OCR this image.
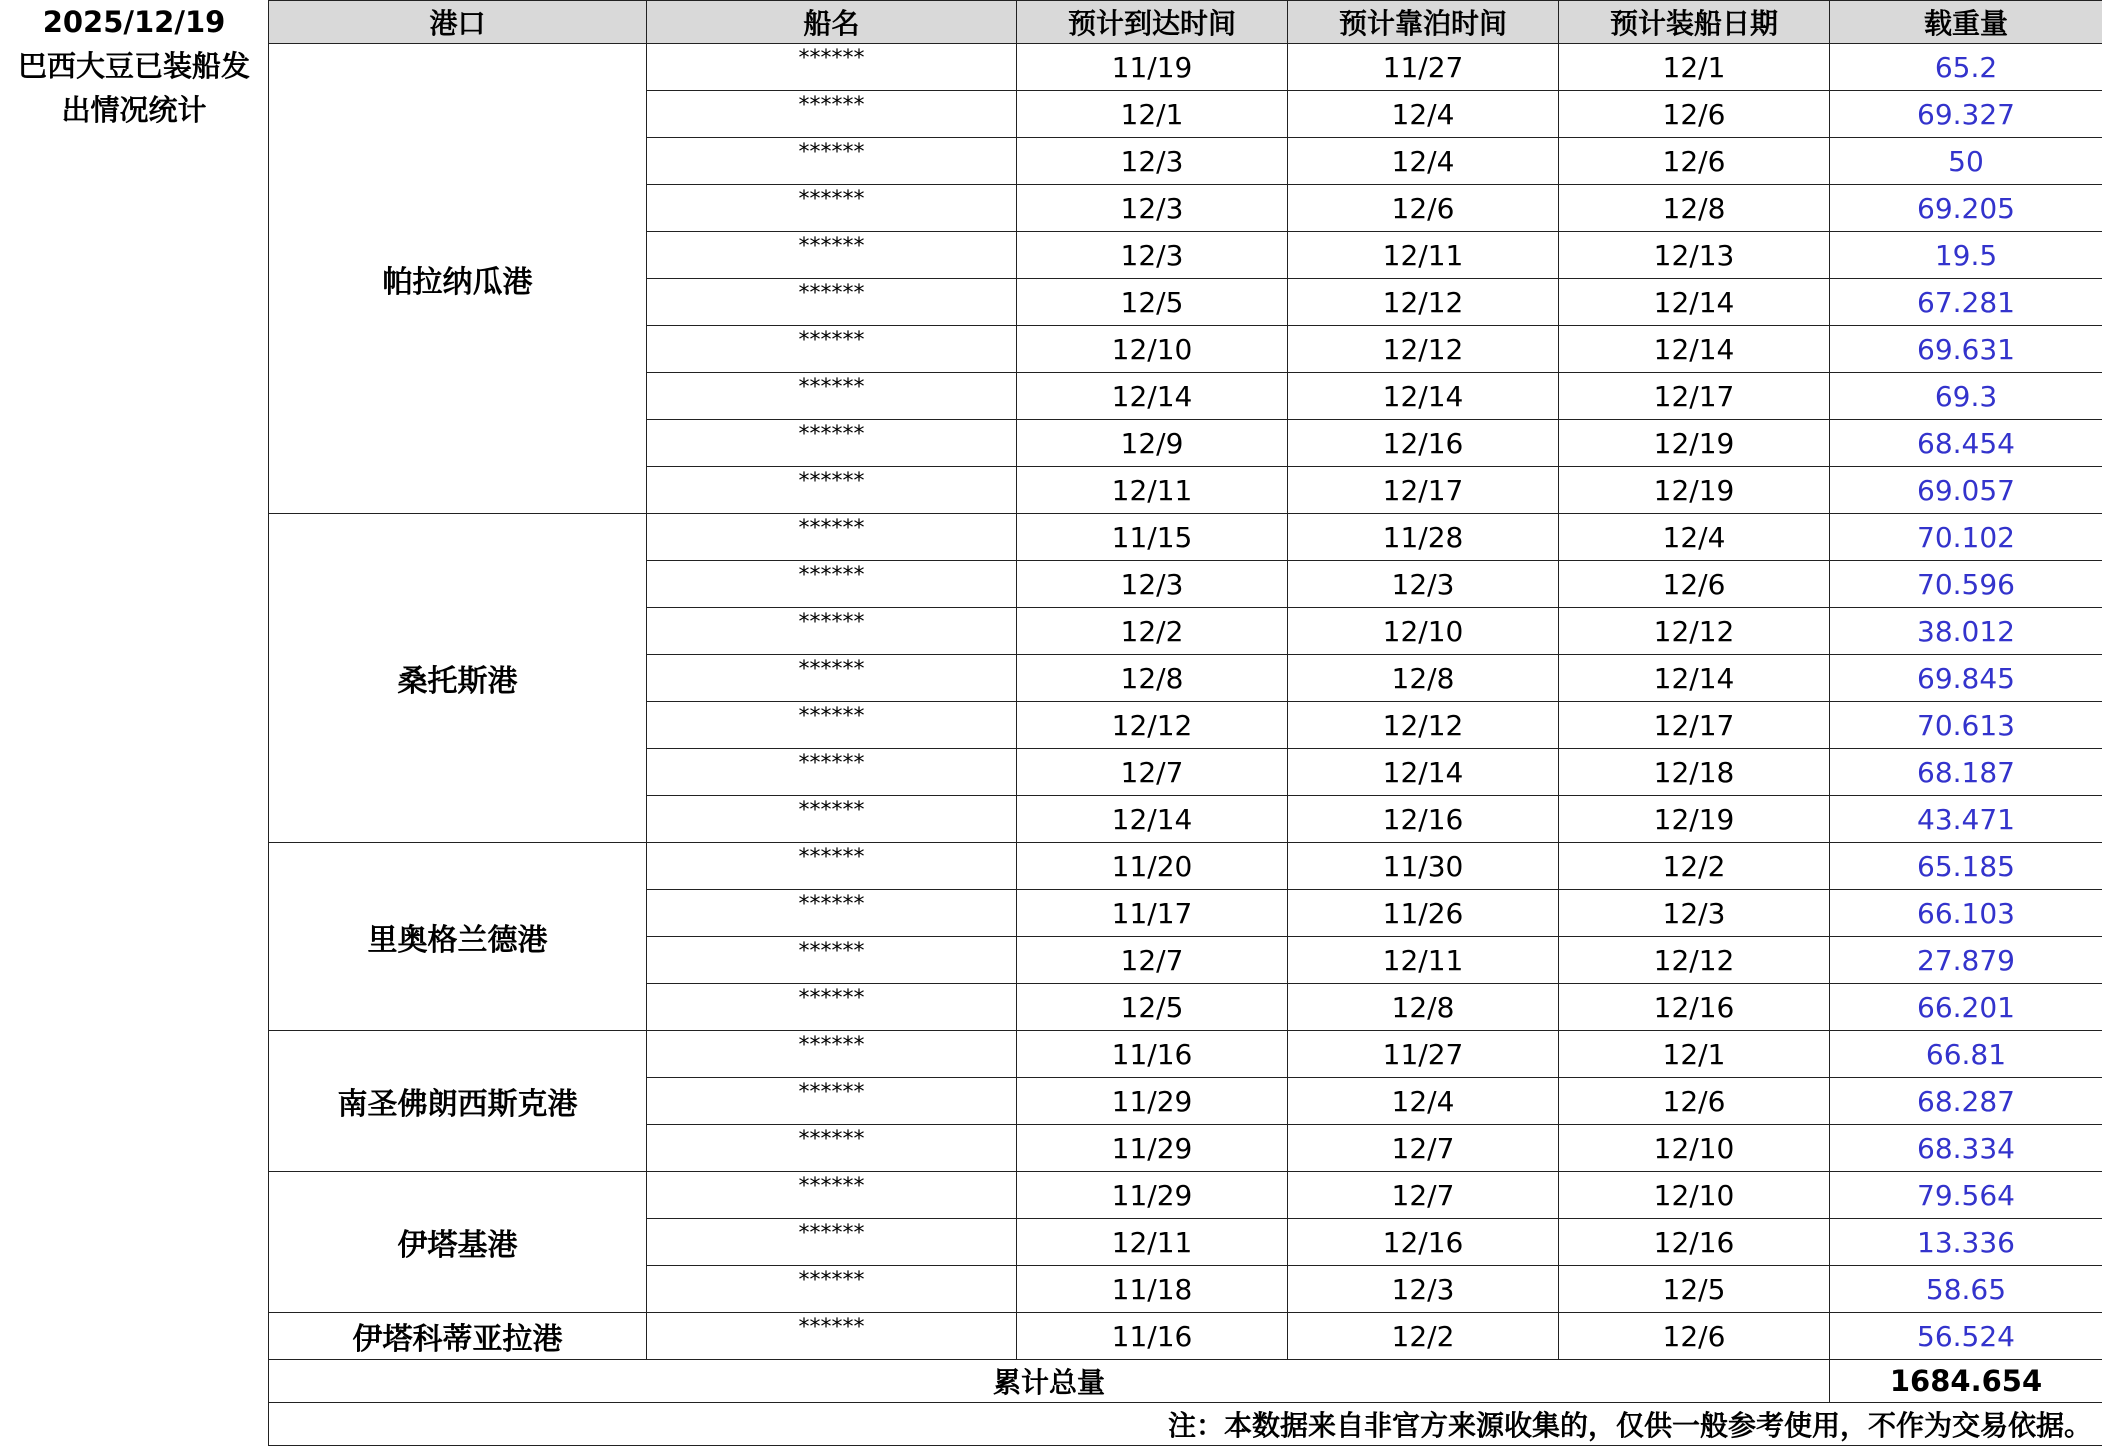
2025/12/19
巴西大豆已装船发出情况统计
港口	船名	预计到达时间	预计靠泊时间	预计装船日期	载重量
帕拉纳瓜港	******	11/19	11/27	12/1	65.2
	******	12/1	12/4	12/6	69.327
	******	12/3	12/4	12/6	50
	******	12/3	12/6	12/8	69.205
	******	12/3	12/11	12/13	19.5
	******	12/5	12/12	12/14	67.281
	******	12/10	12/12	12/14	69.631
	******	12/14	12/14	12/17	69.3
	******	12/9	12/16	12/19	68.454
	******	12/11	12/17	12/19	69.057
桑托斯港	******	11/15	11/28	12/4	70.102
	******	12/3	12/3	12/6	70.596
	******	12/2	12/10	12/12	38.012
	******	12/8	12/8	12/14	69.845
	******	12/12	12/12	12/17	70.613
	******	12/7	12/14	12/18	68.187
	******	12/14	12/16	12/19	43.471
里奥格兰德港	******	11/20	11/30	12/2	65.185
	******	11/17	11/26	12/3	66.103
	******	12/7	12/11	12/12	27.879
	******	12/5	12/8	12/16	66.201
南圣佛朗西斯克港	******	11/16	11/27	12/1	66.81
	******	11/29	12/4	12/6	68.287
	******	11/29	12/7	12/10	68.334
伊塔基港	******	11/29	12/7	12/10	79.564
	******	12/11	12/16	12/16	13.336
	******	11/18	12/3	12/5	58.65
伊塔科蒂亚拉港	******	11/16	12/2	12/6	56.524
累计总量					1684.654
注：本数据来自非官方来源收集的，仅供一般参考使用，不作为交易依据。					
